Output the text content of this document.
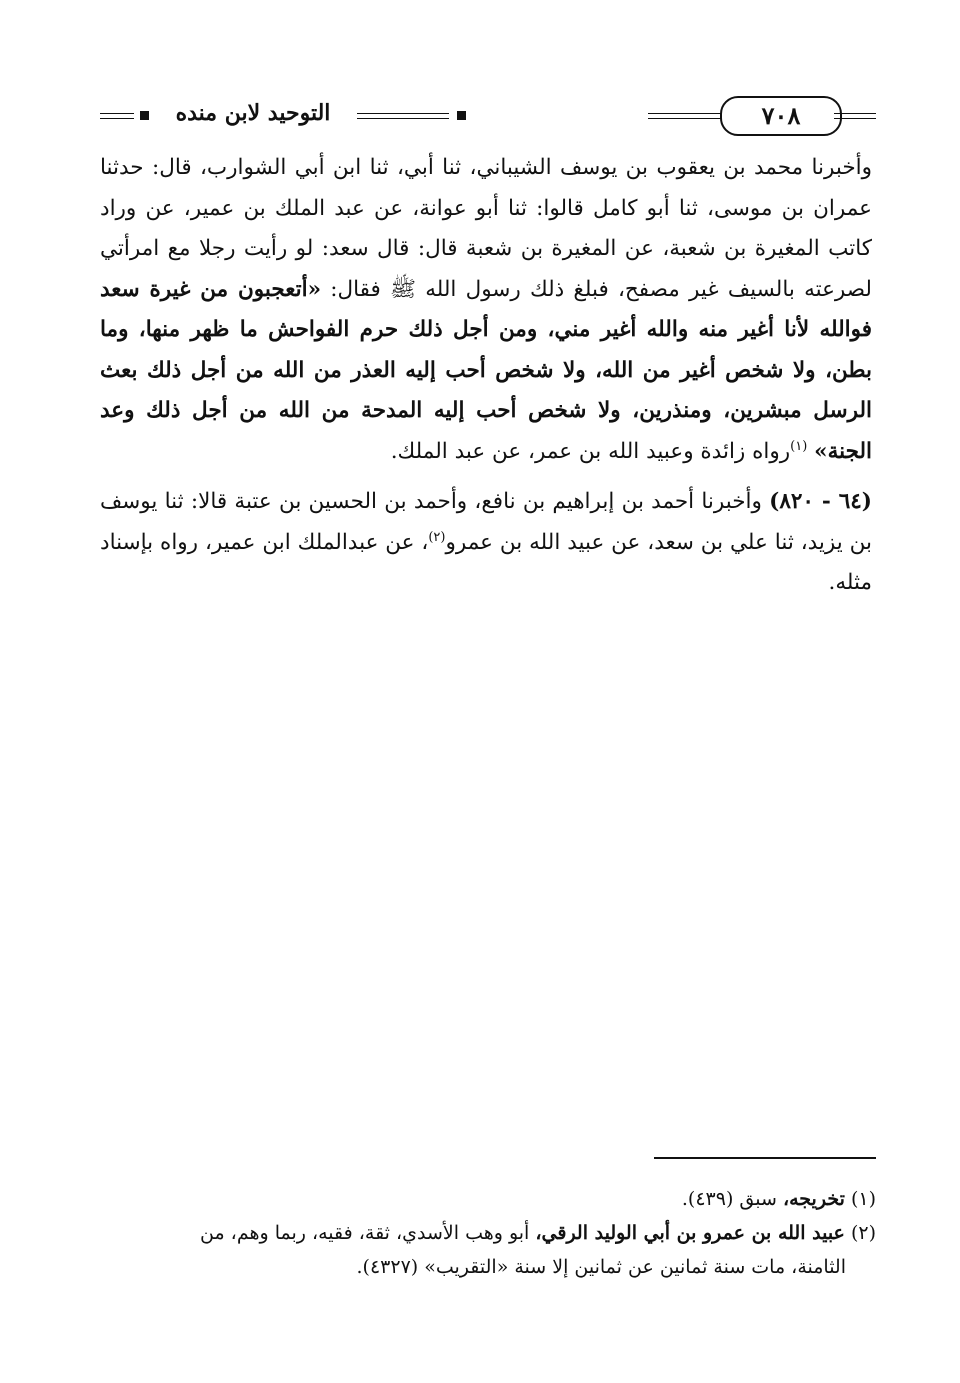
التوحيد لابن منده	٧٠٨

وأخبرنا محمد بن يعقوب بن يوسف الشيباني، ثنا أبي، ثنا ابن أبي الشوارب، قال: حدثنا عمران بن موسى، ثنا أبو كامل قالوا: ثنا أبو عوانة، عن عبد الملك بن عمير، عن وراد كاتب المغيرة بن شعبة، عن المغيرة بن شعبة قال: قال سعد: لو رأيت رجلا مع امرأتي لصرعته بالسيف غير مصفح، فبلغ ذلك رسول الله ﷺ فقال: «أتعجبون من غيرة سعد فوالله لأنا أغير منه والله أغير مني، ومن أجل ذلك حرم الفواحش ما ظهر منها، وما بطن، ولا شخص أغير من الله، ولا شخص أحب إليه العذر من الله من أجل ذلك بعث الرسل مبشرين، ومنذرين، ولا شخص أحب إليه المدحة من الله من أجل ذلك وعد الجنة» $^{(١)}$رواه زائدة وعبيد الله بن عمر، عن عبد الملك.

(٦٤ - ٨٢٠) وأخبرنا أحمد بن إبراهيم بن نافع، وأحمد بن الحسين بن عتبة قالا: ثنا يوسف بن يزيد، ثنا علي بن سعد، عن عبيد الله بن عمرو$^{(٢)}$، عن عبدالملك ابن عمير، رواه بإسناد مثله.

(١) تخريجه، سبق (٤٣٩).

(٢) عبيد الله بن عمرو بن أبي الوليد الرقي، أبو وهب الأسدي، ثقة، فقيه، ربما وهم، من

الثامنة، مات سنة ثمانين عن ثمانين إلا سنة «التقريب» (٤٣٢٧).
